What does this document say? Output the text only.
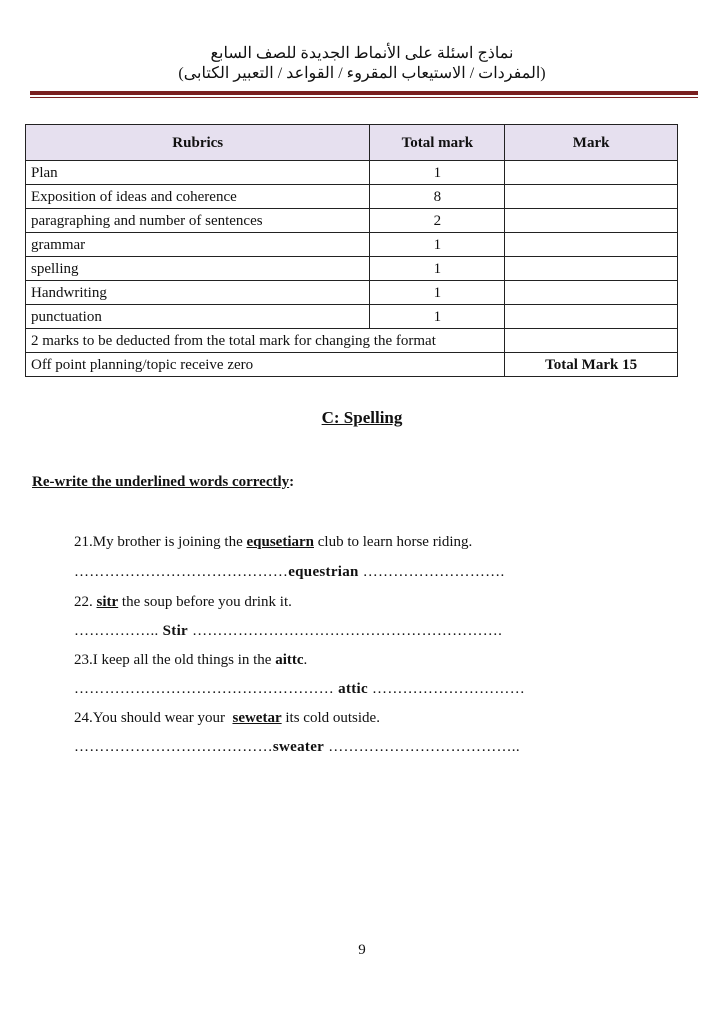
نماذج اسئلة على الأنماط الجديدة للصف السابع
(المفردات / الاستيعاب المقروء / القواعد / التعبير الكتابى)
Rubrics	Total mark	Mark
Plan	1	
Exposition of ideas and coherence	8	
paragraphing and number of sentences	2	
grammar	1	
spelling	1	
Handwriting	1	
punctuation	1	
2 marks to be deducted from the total mark for changing the format		
Off point planning/topic receive zero		Total Mark 15
C: Spelling
Re-write the underlined words correctly:
21.My brother is joining the equsetiarn club to learn horse riding.
……………………………………equestrian ……………………….
22. sitr the soup before you drink it.
…………….. Stir …………………………………………………….
23.I keep all the old things in the aittc.
…………………………………………… attic …………………………
24.You should wear your  sewetar its cold outside.
…………………………………sweater ………………………………..
9
